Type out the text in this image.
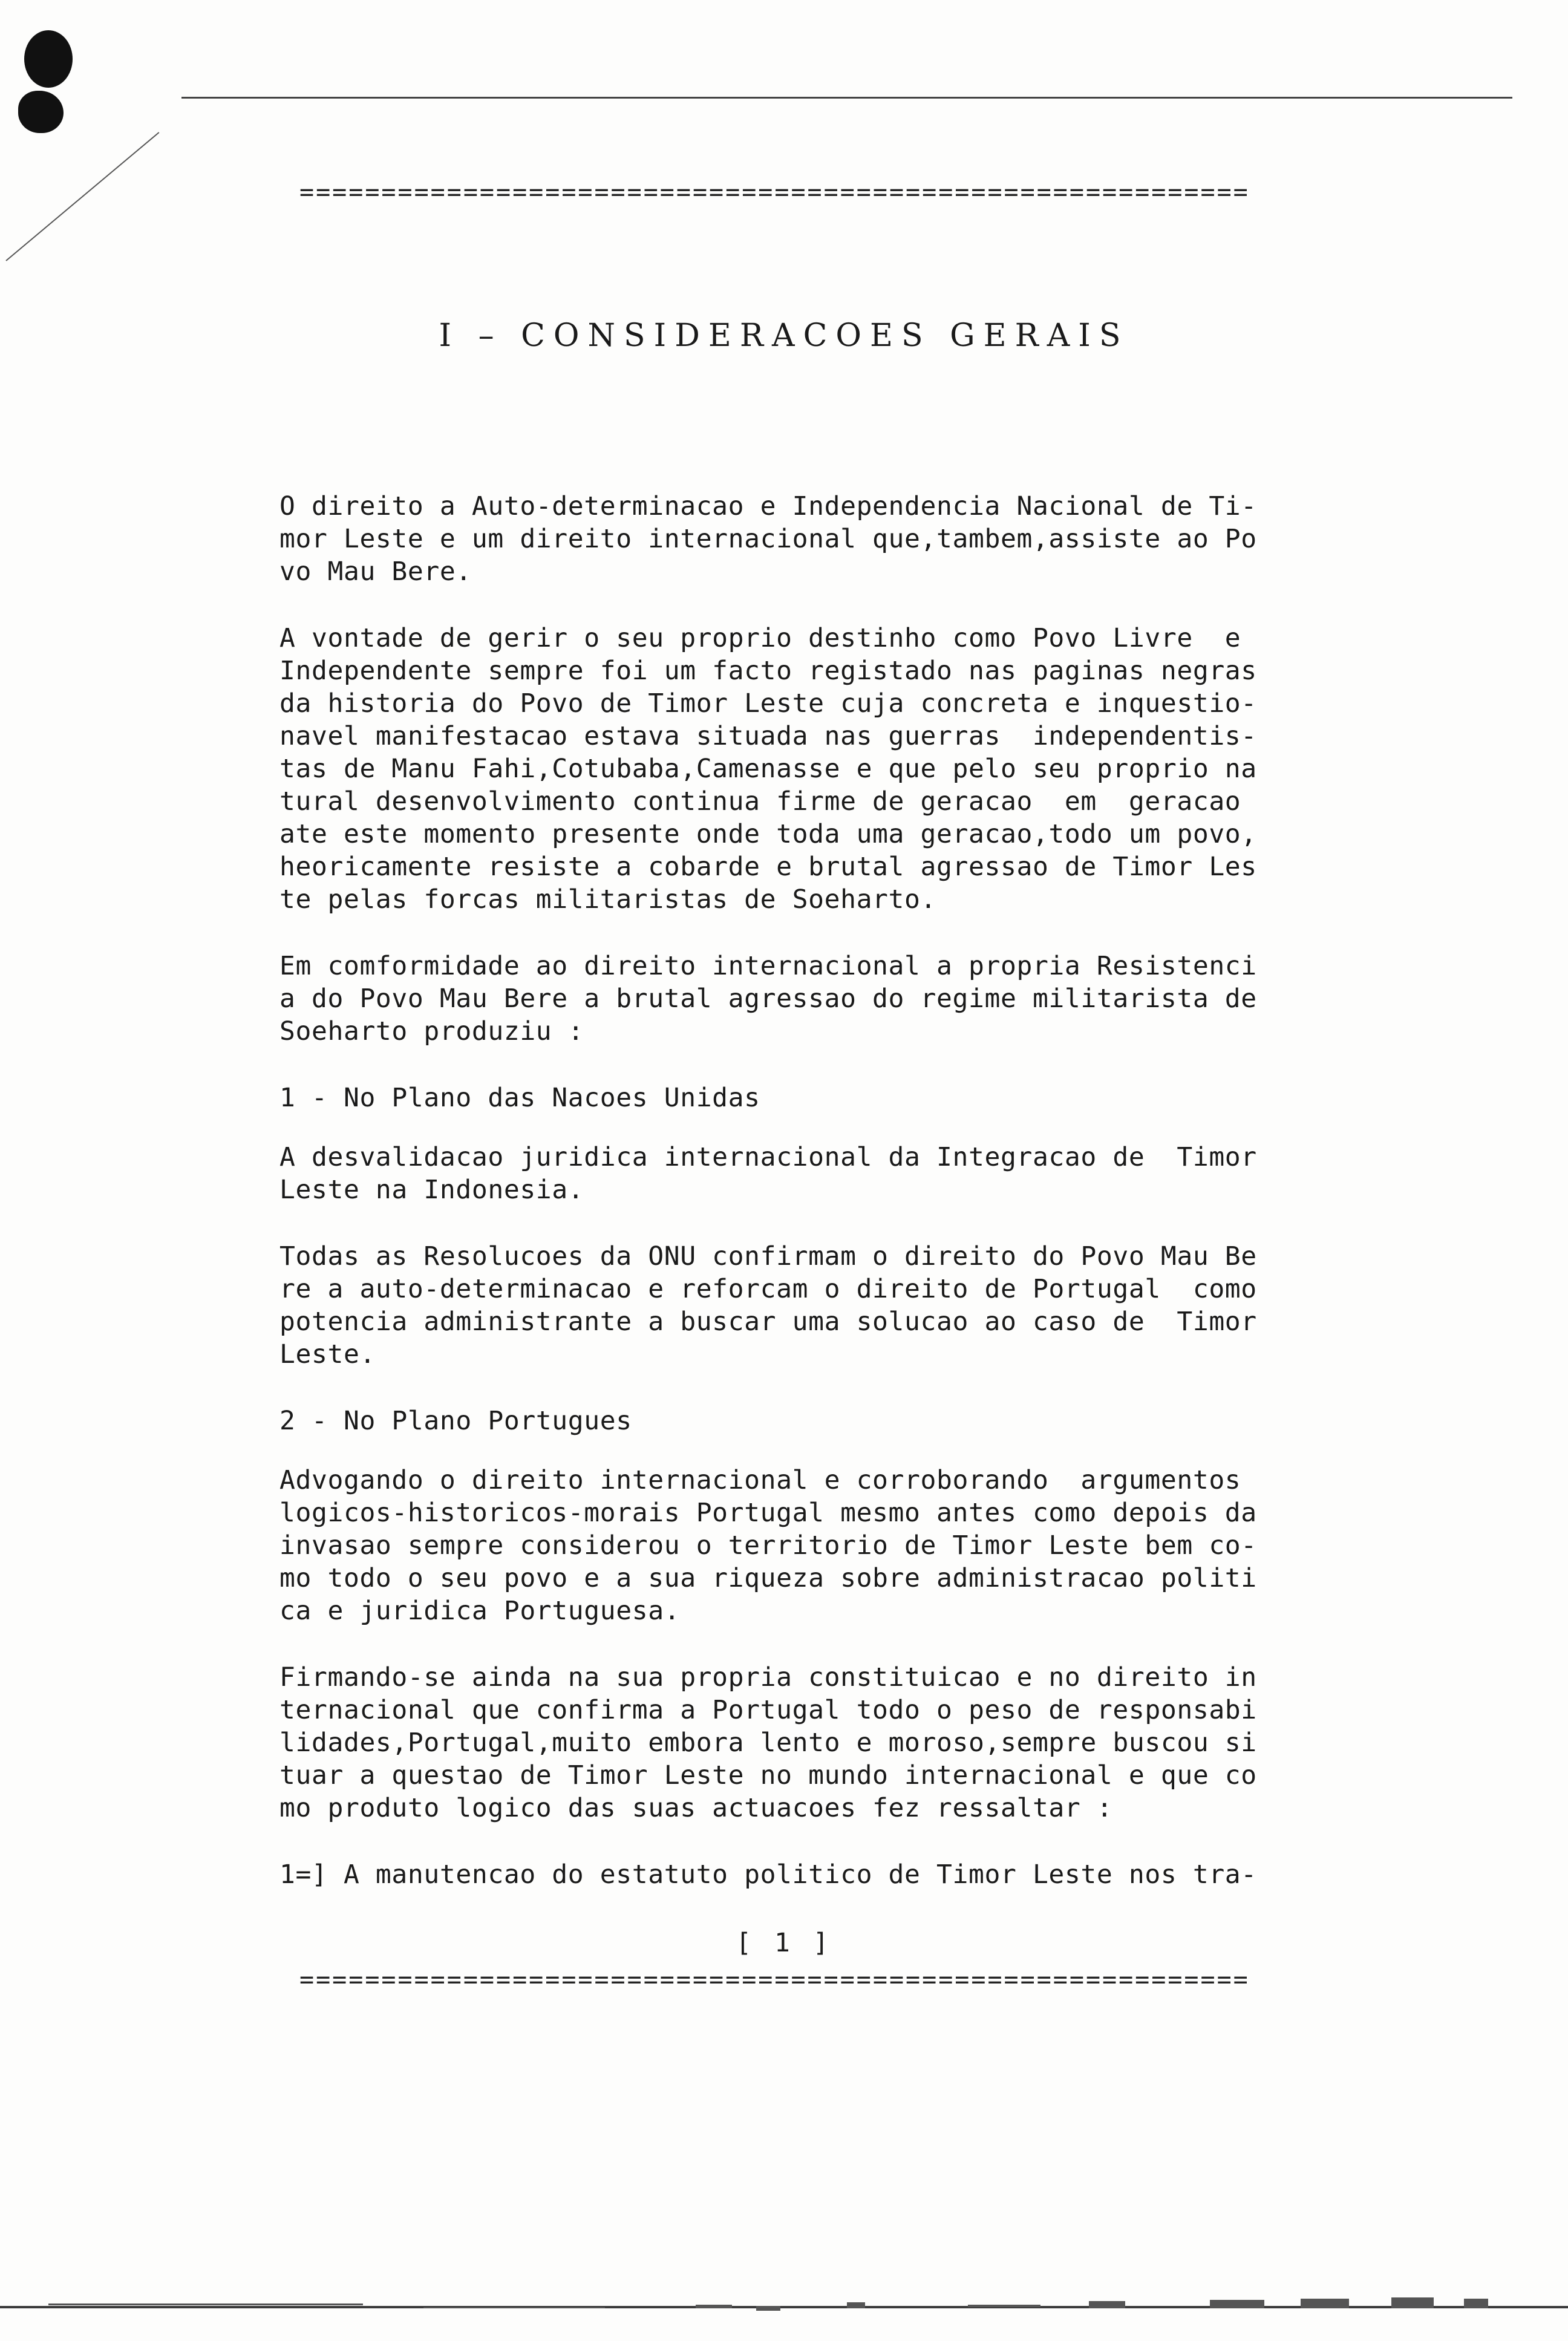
==========================================================
I – CONSIDERACOES GERAIS

O direito a Auto-determinacao e Independencia Nacional de Ti-
mor Leste e um direito internacional que,tambem,assiste ao Po
vo Mau Bere.

A vontade de gerir o seu proprio destinho como Povo Livre  e
Independente sempre foi um facto registado nas paginas negras
da historia do Povo de Timor Leste cuja concreta e inquestio-
navel manifestacao estava situada nas guerras  independentis-
tas de Manu Fahi,Cotubaba,Camenasse e que pelo seu proprio na
tural desenvolvimento continua firme de geracao  em  geracao
ate este momento presente onde toda uma geracao,todo um povo,
heoricamente resiste a cobarde e brutal agressao de Timor Les
te pelas forcas militaristas de Soeharto.

Em comformidade ao direito internacional a propria Resistenci
a do Povo Mau Bere a brutal agressao do regime militarista de
Soeharto produziu :

1 - No Plano das Nacoes Unidas

A desvalidacao juridica internacional da Integracao de  Timor
Leste na Indonesia.

Todas as Resolucoes da ONU confirmam o direito do Povo Mau Be
re a auto-determinacao e reforcam o direito de Portugal  como
potencia administrante a buscar uma solucao ao caso de  Timor
Leste.

2 - No Plano Portugues

Advogando o direito internacional e corroborando  argumentos
logicos-historicos-morais Portugal mesmo antes como depois da
invasao sempre considerou o territorio de Timor Leste bem co-
mo todo o seu povo e a sua riqueza sobre administracao politi
ca e juridica Portuguesa.

Firmando-se ainda na sua propria constituicao e no direito in
ternacional que confirma a Portugal todo o peso de responsabi
lidades,Portugal,muito embora lento e moroso,sempre buscou si
tuar a questao de Timor Leste no mundo internacional e que co
mo produto logico das suas actuacoes fez ressaltar :

1=] A manutencao do estatuto politico de Timor Leste nos tra-

[ 1 ]
==========================================================
